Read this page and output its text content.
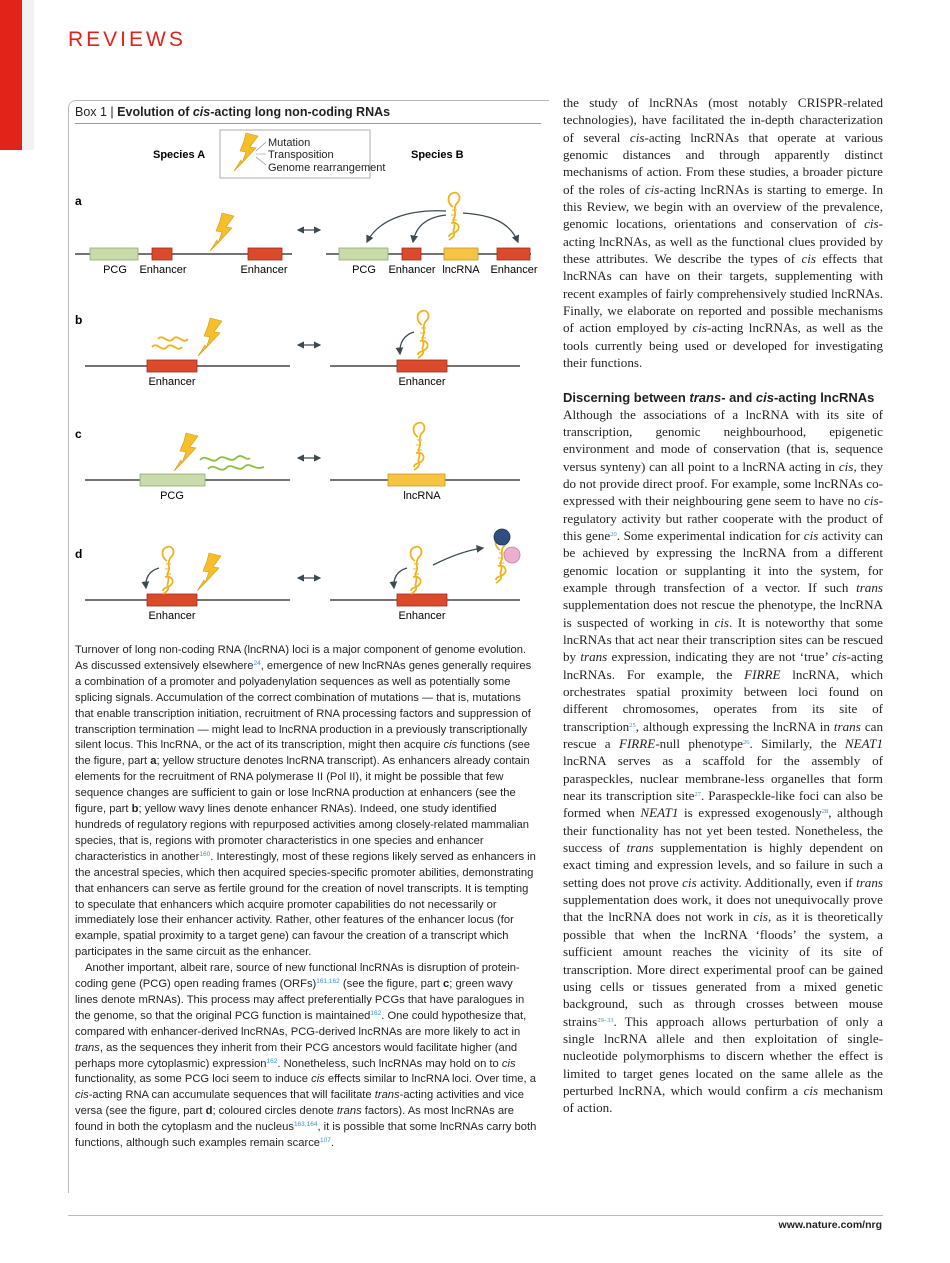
REVIEWS
Box 1 | Evolution of cis-acting long non-coding RNAs
Mutation
Transposition
Genome rearrangement
Species A	Species B
a
PCG Enhancer	Enhancer	PCG Enhancer lncRNA Enhancer
b
Enhancer	Enhancer
c
PCG	lncRNA
d
Enhancer	Enhancer

Turnover of long non-coding RNA (lncRNA) loci is a major component of genome evolution. As discussed extensively elsewhere$^{24}$, emergence of new lncRNAs genes generally requires a combination of a promoter and polyadenylation sequences as well as potentially some splicing signals. Accumulation of the correct combination of mutations — that is, mutations that enable transcription initiation, recruitment of RNA processing factors and suppression of transcription termination — might lead to lncRNA production in a previously transcriptionally silent locus. This lncRNA, or the act of its transcription, might then acquire cis functions (see the figure, part a; yellow structure denotes lncRNA transcript). As enhancers already contain elements for the recruitment of RNA polymerase II (Pol II), it might be possible that few sequence changes are sufficient to gain or lose lncRNA production at enhancers (see the figure, part b; yellow wavy lines denote enhancer RNAs). Indeed, one study identified hundreds of regulatory regions with repurposed activities among closely-related mammalian species, that is, regions with promoter characteristics in one species and enhancer characteristics in another$^{160}$. Interestingly, most of these regions likely served as enhancers in the ancestral species, which then acquired species-specific promoter abilities, demonstrating that enhancers can serve as fertile ground for the creation of novel transcripts. It is tempting to speculate that enhancers which acquire promoter capabilities do not necessarily or immediately lose their enhancer activity. Rather, other features of the enhancer locus (for example, spatial proximity to a target gene) can favour the creation of a transcript which participates in the same circuit as the enhancer.

Another important, albeit rare, source of new functional lncRNAs is disruption of protein-coding gene (PCG) open reading frames (ORFs)$^{161,162}$ (see the figure, part c; green wavy lines denote mRNAs). This process may affect preferentially PCGs that have paralogues in the genome, so that the original PCG function is maintained$^{162}$. One could hypothesize that, compared with enhancer-derived lncRNAs, PCG-derived lncRNAs are more likely to act in trans, as the sequences they inherit from their PCG ancestors would facilitate higher (and perhaps more cytoplasmic) expression$^{162}$. Nonetheless, such lncRNAs may hold on to cis functionality, as some PCG loci seem to induce cis effects similar to lncRNA loci. Over time, a cis-acting RNA can accumulate sequences that will facilitate trans-acting activities and vice versa (see the figure, part d; coloured circles denote trans factors). As most lncRNAs are found in both the cytoplasm and the nucleus$^{163,164}$, it is possible that some lncRNAs carry both functions, although such examples remain scarce$^{107}$.

the study of lncRNAs (most notably CRISPR-related technologies), have facilitated the in-depth characterization of several cis-acting lncRNAs that operate at various genomic distances and through apparently distinct mechanisms of action. From these studies, a broader picture of the roles of cis-acting lncRNAs is starting to emerge. In this Review, we begin with an overview of the prevalence, genomic locations, orientations and conservation of cis-acting lncRNAs, as well as the functional clues provided by these attributes. We describe the types of cis effects that lncRNAs can have on their targets, supplementing with recent examples of fairly comprehensively studied lncRNAs. Finally, we elaborate on reported and possible mechanisms of action employed by cis-acting lncRNAs, as well as the tools currently being used or developed for investigating their functions.

Discerning between trans- and cis-acting lncRNAs

Although the associations of a lncRNA with its site of transcription, genomic neighbourhood, epigenetic environment and mode of conservation (that is, sequence versus synteny) can all point to a lncRNA acting in cis, they do not provide direct proof. For example, some lncRNAs co-expressed with their neighbouring gene seem to have no cis-regulatory activity but rather cooperate with the product of this gene$^{20}$. Some experimental indication for cis activity can be achieved by expressing the lncRNA from a different genomic location or supplanting it into the system, for example through transfection of a vector. If such trans supplementation does not rescue the phenotype, the lncRNA is suspected of working in cis. It is noteworthy that some lncRNAs that act near their transcription sites can be rescued by trans expression, indicating they are not ‘true’ cis-acting lncRNAs. For example, the FIRRE lncRNA, which orchestrates spatial proximity between loci found on different chromosomes, operates from its site of transcription$^{25}$, although expressing the lncRNA in trans can rescue a FIRRE-null phenotype$^{26}$. Similarly, the NEAT1 lncRNA serves as a scaffold for the assembly of paraspeckles, nuclear membrane-less organelles that form near its transcription site$^{27}$. Paraspeckle-like foci can also be formed when NEAT1 is expressed exogenously$^{28}$, although their functionality has not yet been tested. Nonetheless, the success of trans supplementation is highly dependent on exact timing and expression levels, and so failure in such a setting does not prove cis activity. Additionally, even if trans supplementation does work, it does not unequivocally prove that the lncRNA does not work in cis, as it is theoretically possible that when the lncRNA ‘floods’ the system, a sufficient amount reaches the vicinity of its site of transcription. More direct experimental proof can be gained using cells or tissues generated from a mixed genetic background, such as through crosses between mouse strains$^{29-33}$. This approach allows perturbation of only a single lncRNA allele and then exploitation of single-nucleotide polymorphisms to discern whether the effect is limited to target genes located on the same allele as the perturbed lncRNA, which would confirm a cis mechanism of action.

www.nature.com/nrg
